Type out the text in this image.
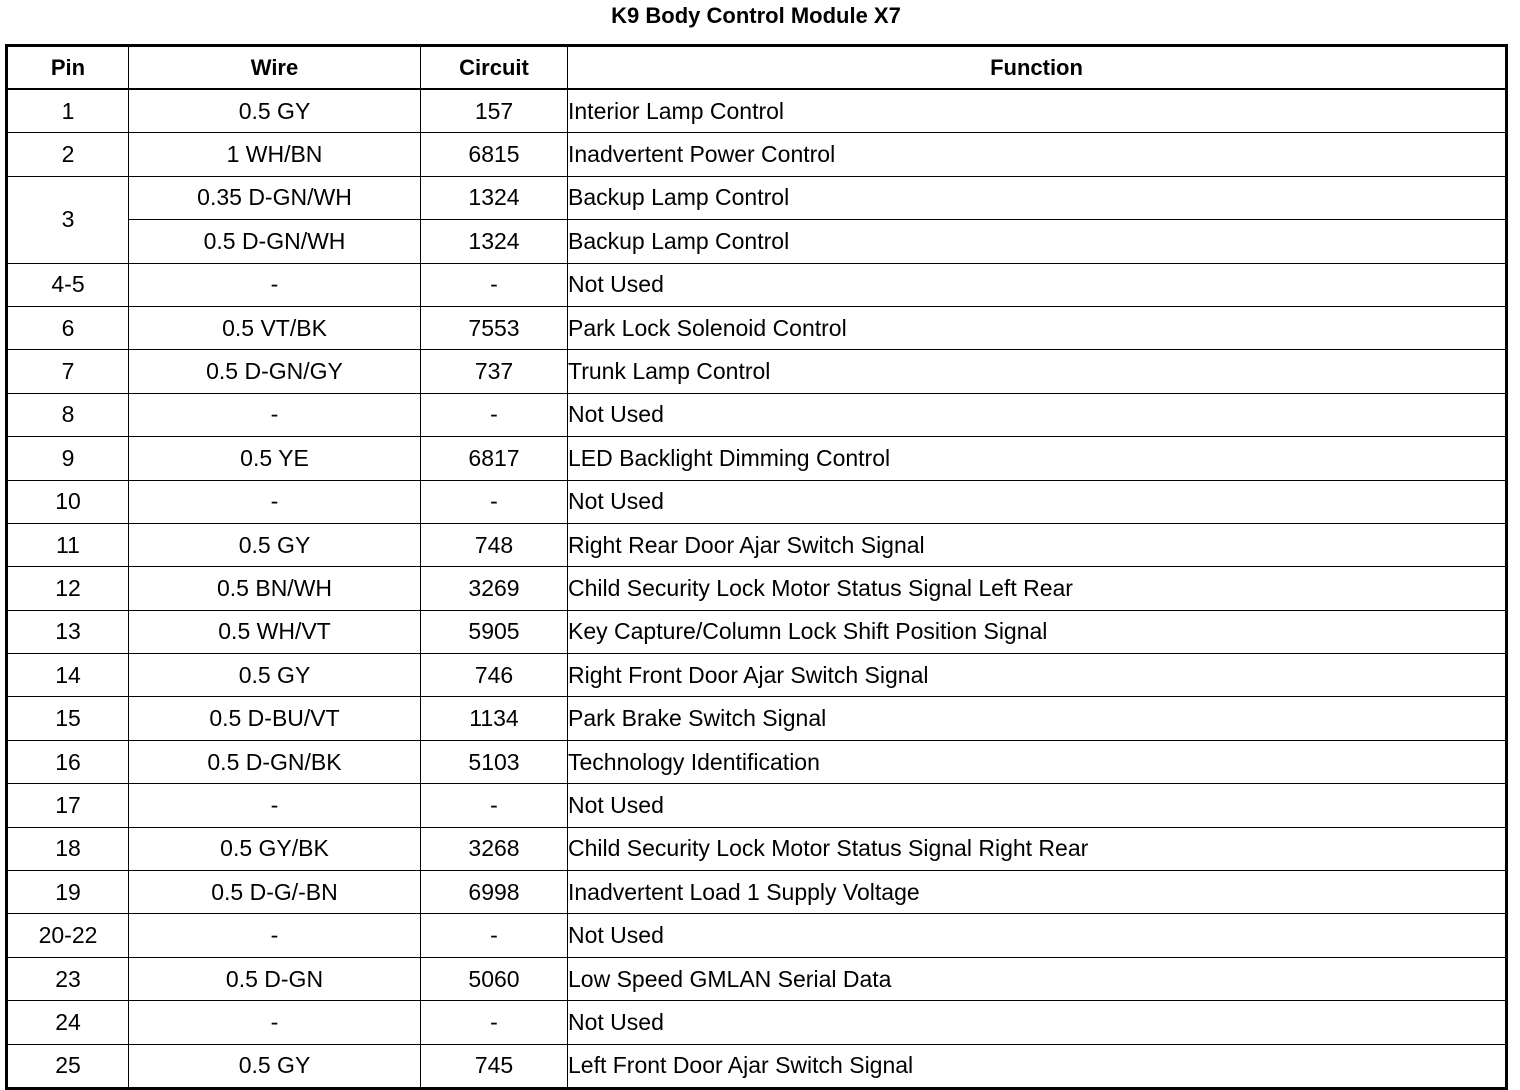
K9 Body Control Module X7
Pin	Wire	Circuit	Function
1	0.5 GY	157	Interior Lamp Control
2	1 WH/BN	6815	Inadvertent Power Control
3	0.35 D-GN/WH	1324	Backup Lamp Control
	0.5 D-GN/WH	1324	Backup Lamp Control
4-5	-	-	Not Used
6	0.5 VT/BK	7553	Park Lock Solenoid Control
7	0.5 D-GN/GY	737	Trunk Lamp Control
8	-	-	Not Used
9	0.5 YE	6817	LED Backlight Dimming Control
10	-	-	Not Used
11	0.5 GY	748	Right Rear Door Ajar Switch Signal
12	0.5 BN/WH	3269	Child Security Lock Motor Status Signal Left Rear
13	0.5 WH/VT	5905	Key Capture/Column Lock Shift Position Signal
14	0.5 GY	746	Right Front Door Ajar Switch Signal
15	0.5 D-BU/VT	1134	Park Brake Switch Signal
16	0.5 D-GN/BK	5103	Technology Identification
17	-	-	Not Used
18	0.5 GY/BK	3268	Child Security Lock Motor Status Signal Right Rear
19	0.5 D-G/-BN	6998	Inadvertent Load 1 Supply Voltage
20-22	-	-	Not Used
23	0.5 D-GN	5060	Low Speed GMLAN Serial Data
24	-	-	Not Used
25	0.5 GY	745	Left Front Door Ajar Switch Signal
